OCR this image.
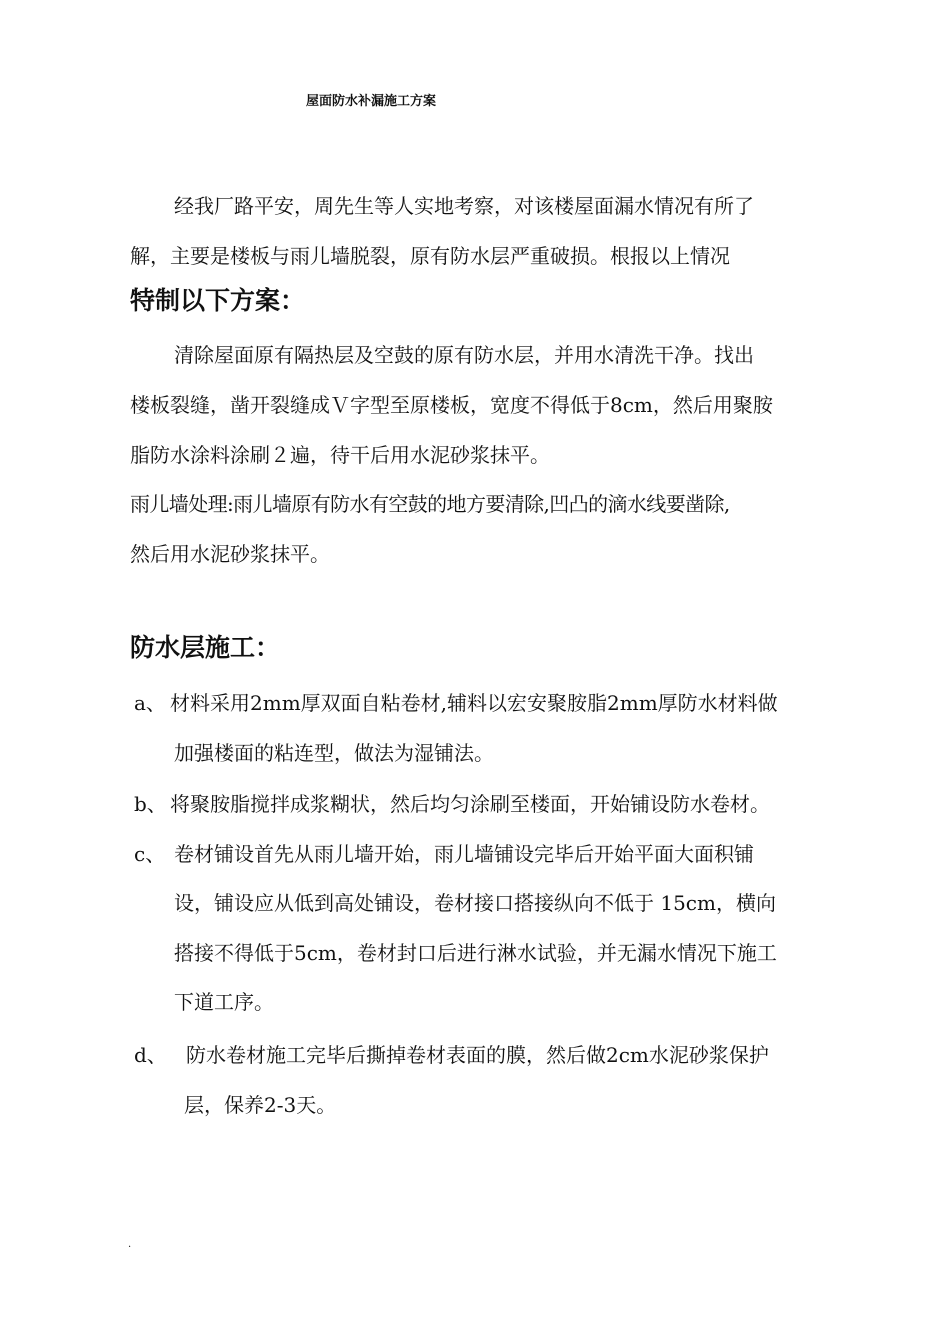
屋面防水补漏施工方案
经我厂路平安，周先生等人实地考察，对该楼屋面漏水情况有所了
解，主要是楼板与雨儿墙脱裂，原有防水层严重破损。根报以上情况
特制以下方案：
清除屋面原有隔热层及空鼓的原有防水层，并用水清洗干净。找出
楼板裂缝，凿开裂缝成Ｖ字型至原楼板，宽度不得低于8cm，然后用聚胺
脂防水涂料涂刷２遍，待干后用水泥砂浆抹平。
雨儿墙处理:雨儿墙原有防水有空鼓的地方要清除,凹凸的滴水线要凿除,
然后用水泥砂浆抹平。
防水层施工：
a、 材料采用2mm厚双面自粘卷材,辅料以宏安聚胺脂2mm厚防水材料做
加强楼面的粘连型，做法为湿铺法。
b、 将聚胺脂搅拌成浆糊状，然后均匀涂刷至楼面，开始铺设防水卷材。
c、 卷材铺设首先从雨儿墙开始，雨儿墙铺设完毕后开始平面大面积铺
设，铺设应从低到高处铺设，卷材接口搭接纵向不低于 15cm，横向
搭接不得低于5cm，卷材封口后进行淋水试验，并无漏水情况下施工
下道工序。
d、 防水卷材施工完毕后撕掉卷材表面的膜，然后做2cm水泥砂浆保护
层，保养2-3天。
.
